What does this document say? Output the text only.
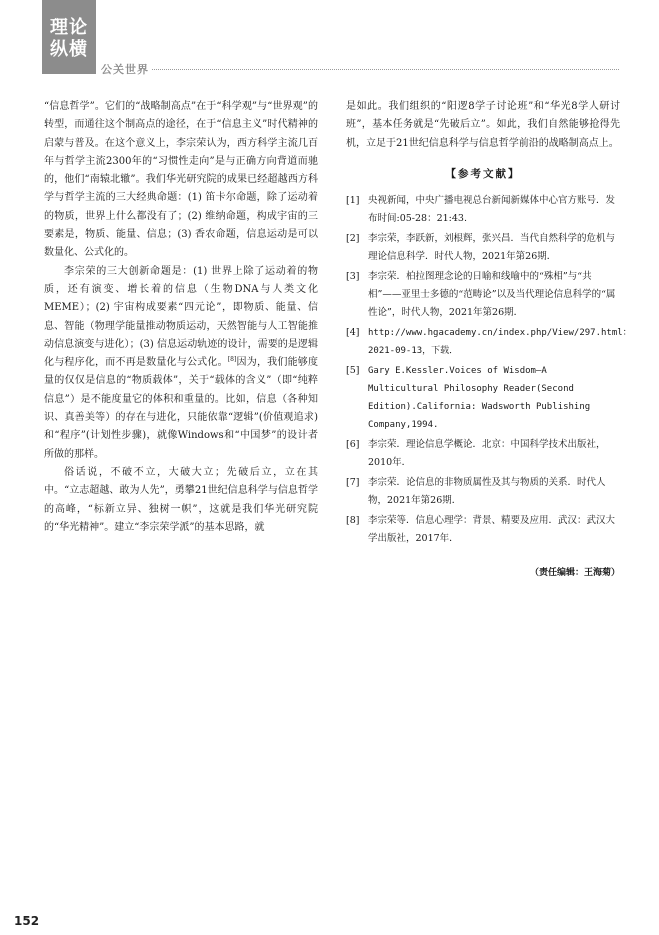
理论
纵横
公关世界

“信息哲学”。它们的“战略制高点”在于“科学观”与“世界观”的转型，而通往这个制高点的途径，在于“信息主义”时代精神的启蒙与普及。在这个意义上，李宗荣认为，西方科学主流几百年与哲学主流2300年的“习惯性走向”是与正确方向背道而驰的，他们“南辕北辙”。我们华光研究院的成果已经超越西方科学与哲学主流的三大经典命题：(1) 笛卡尔命题，除了运动着的物质，世界上什么都没有了；(2) 维纳命题，构成宇宙的三要素是，物质、能量、信息；(3) 香农命题，信息运动是可以数量化、公式化的。

李宗荣的三大创新命题是：(1) 世界上除了运动着的物质，还有演变、增长着的信息（生物DNA与人类文化MEME）；(2) 宇宙构成要素“四元论”，即物质、能量、信息、智能（物理学能量推动物质运动，天然智能与人工智能推动信息演变与进化）；(3) 信息运动轨迹的设计，需要的是逻辑化与程序化，而不再是数量化与公式化。[8]因为，我们能够度量的仅仅是信息的“物质载体”，关于“载体的含义”（即“纯粹信息”）是不能度量它的体积和重量的。比如，信息（各种知识、真善美等）的存在与进化，只能依靠“逻辑”(价值观追求) 和“程序”(计划性步骤)，就像Windows和“中国梦”的设计者所做的那样。

俗话说，不破不立，大破大立；先破后立，立在其中。“立志超越、敢为人先”，勇攀21世纪信息科学与信息哲学的高峰，“标新立异、独树一帜”，这就是我们华光研究院的“华光精神”。建立“李宗荣学派”的基本思路，就

是如此。我们组织的“阳逻8学子讨论班”和“华光8学人研讨班”，基本任务就是“先破后立”。如此，我们自然能够抢得先机，立足于21世纪信息科学与信息哲学前沿的战略制高点上。

【参考文献】
[1] 央视新闻，中央广播电视总台新闻新媒体中心官方账号．发布时间:05-28：21:43.
[2] 李宗荣，李跃新，刘根辉，张兴昌．当代自然科学的危机与理论信息科学．时代人物，2021年第26期．
[3] 李宗荣．柏拉图理念论的日喻和线喻中的“殊相”与“共相”——亚里士多德的“范畴论”以及当代理论信息科学的“属性论”，时代人物，2021年第26期．
[4] http://www.hgacademy.cn/index.php/View/297.html：2021-09-13，下载．
[5] Gary E.Kessler.Voices of Wisdom—A Multicultural Philosophy Reader(Second Edition).California: Wadsworth Publishing Company,1994.
[6] 李宗荣．理论信息学概论．北京：中国科学技术出版社，2010年．
[7] 李宗荣．论信息的非物质属性及其与物质的关系．时代人物，2021年第26期．
[8] 李宗荣等．信息心理学：背景、精要及应用．武汉：武汉大学出版社，2017年．
（责任编辑：王海菊）
152
